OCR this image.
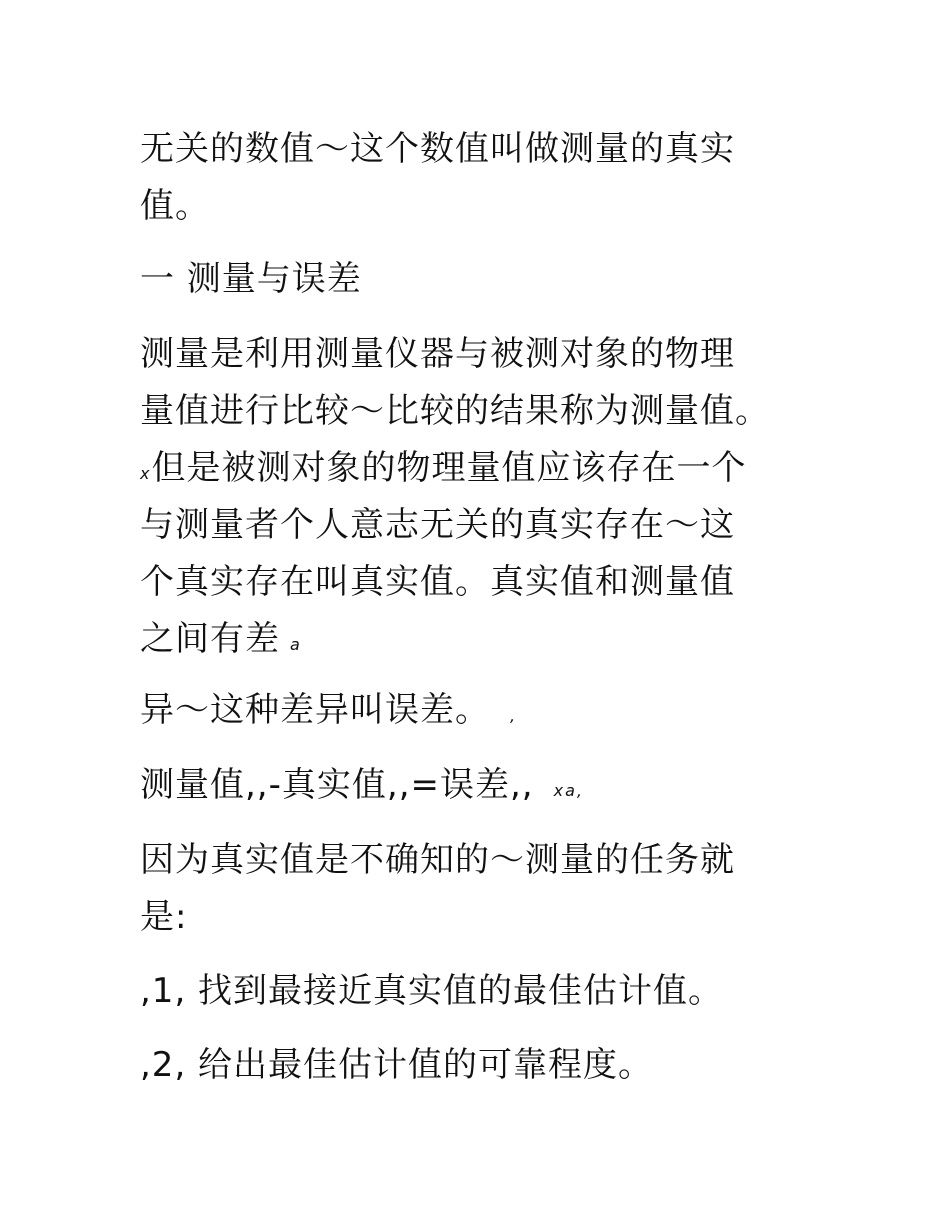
无关的数值～这个数值叫做测量的真实
值。
一 测量与误差
测量是利用测量仪器与被测对象的物理
量值进行比较～比较的结果称为测量值。
x但是被测对象的物理量值应该存在一个
与测量者个人意志无关的真实存在～这
个真实存在叫真实值。真实值和测量值
之间有差 a
异～这种差异叫误差。 ,
测量值,,-真实值,,=误差,, xa,
因为真实值是不确知的～测量的任务就
是:
,1, 找到最接近真实值的最佳估计值。
,2, 给出最佳估计值的可靠程度。
